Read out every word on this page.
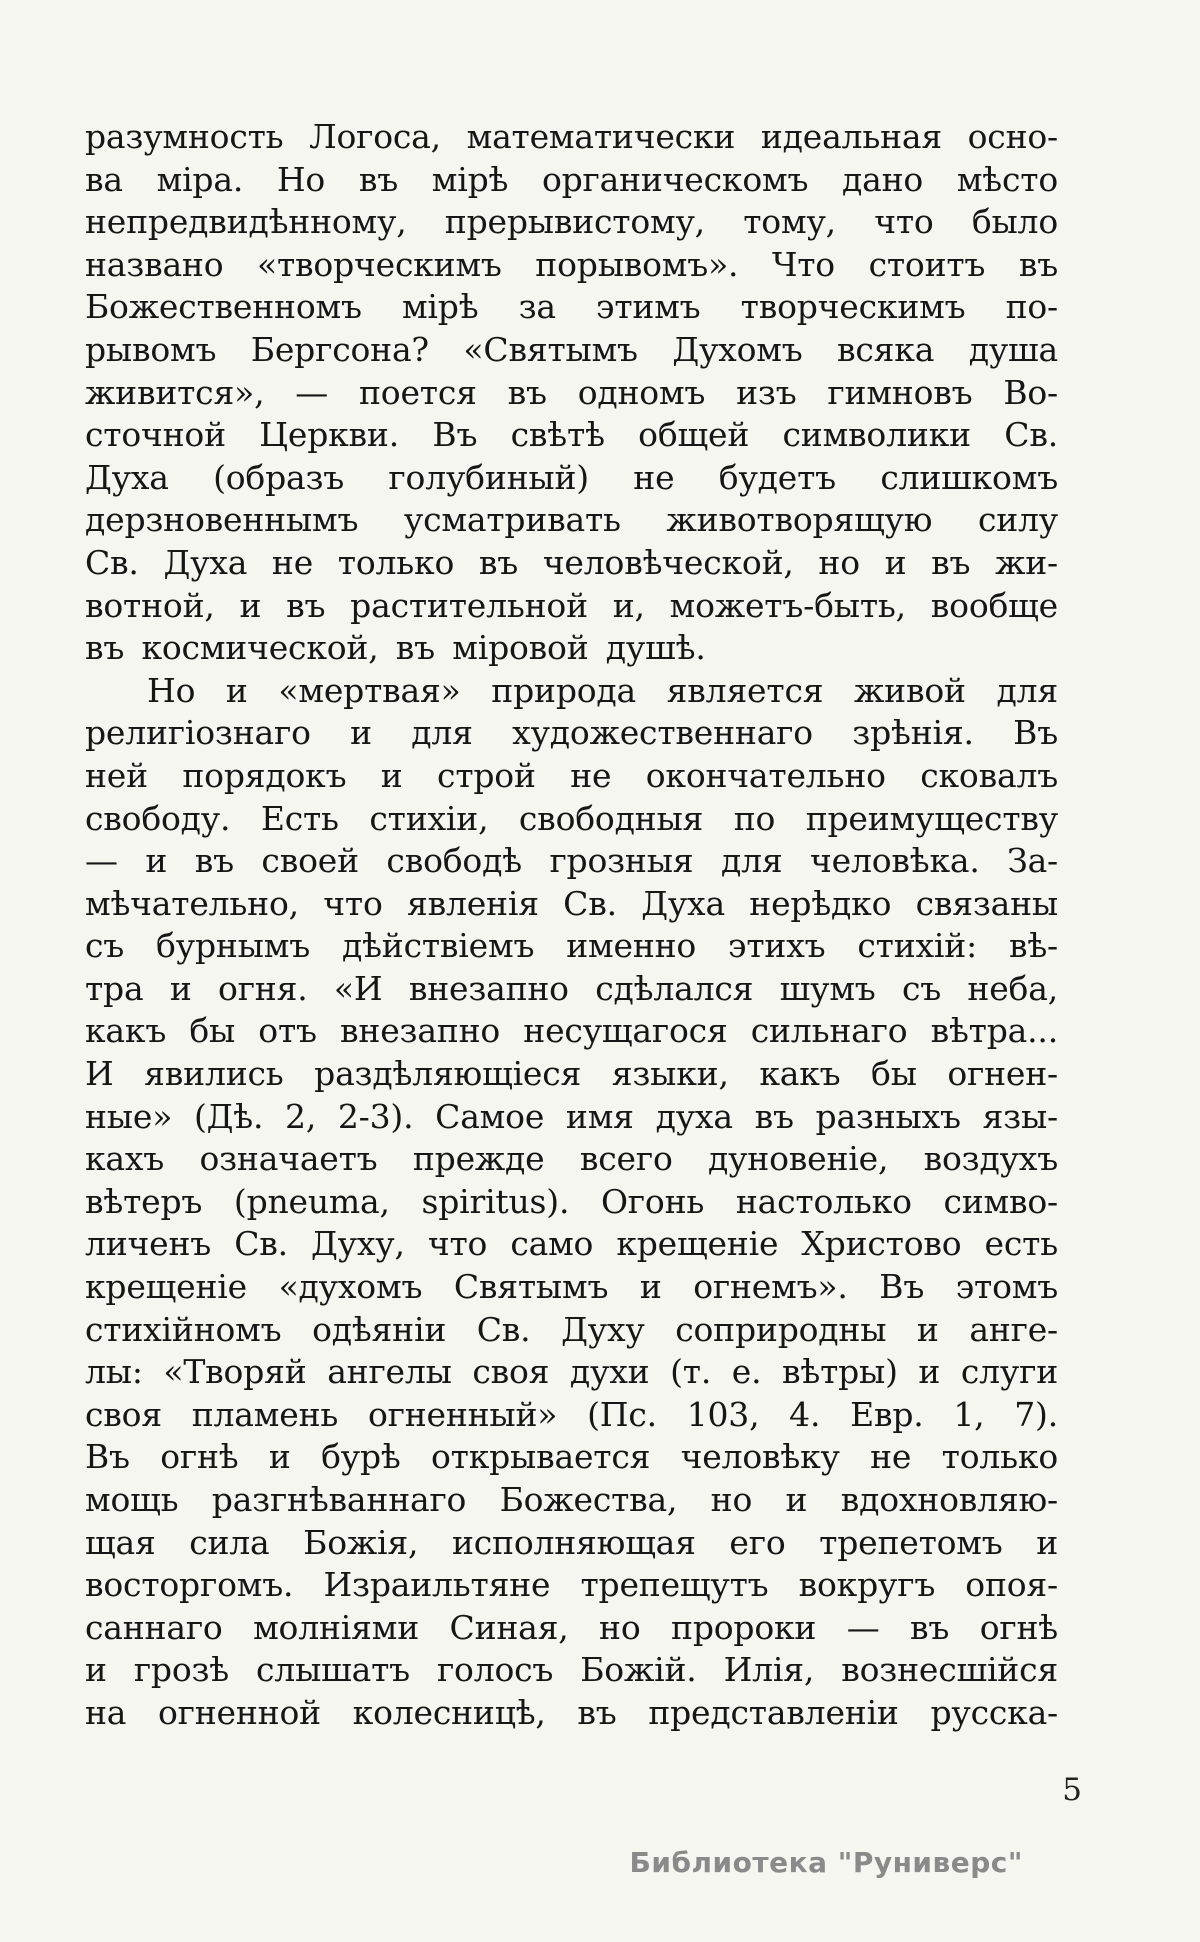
разумность Логоса, математически идеальная осно-
ва міра. Но въ мірѣ органическомъ дано мѣсто
непредвидѣнному, прерывистому, тому, что было
названо «творческимъ порывомъ». Что стоитъ въ
Божественномъ мірѣ за этимъ творческимъ по-
рывомъ Бергсона? «Святымъ Духомъ всяка душа
живится», — поется въ одномъ изъ гимновъ Во-
сточной Церкви. Въ свѣтѣ общей символики Св.
Духа (образъ голубиный) не будетъ слишкомъ
дерзновеннымъ усматривать животворящую силу
Св. Духа не только въ человѣческой, но и въ жи-
вотной, и въ растительной и, можетъ-быть, вообще
въ космической, въ міровой душѣ.
Но и «мертвая» природа является живой для
религіознаго и для художественнаго зрѣнія. Въ
ней порядокъ и строй не окончательно сковалъ
свободу. Есть стихіи, свободныя по преимуществу
— и въ своей свободѣ грозныя для человѣка. За-
мѣчательно, что явленія Св. Духа нерѣдко связаны
съ бурнымъ дѣйствіемъ именно этихъ стихій: вѣ-
тра и огня. «И внезапно сдѣлался шумъ съ неба,
какъ бы отъ внезапно несущагося сильнаго вѣтра...
И явились раздѣляющіеся языки, какъ бы огнен-
ные» (Дѣ. 2, 2-3). Самое имя духа въ разныхъ язы-
кахъ означаетъ прежде всего дуновеніе, воздухъ
вѣтеръ (pneuma, spiritus). Огонь настолько симво-
личенъ Св. Духу, что само крещеніе Христово есть
крещеніе «духомъ Святымъ и огнемъ». Въ этомъ
стихійномъ одѣяніи Св. Духу соприродны и анге-
лы: «Творяй ангелы своя духи (т. е. вѣтры) и слуги
своя пламень огненный» (Пс. 103, 4. Евр. 1, 7).
Въ огнѣ и бурѣ открывается человѣку не только
мощь разгнѣваннаго Божества, но и вдохновляю-
щая сила Божія, исполняющая его трепетомъ и
восторгомъ. Израильтяне трепещутъ вокругъ опоя-
саннаго молніями Синая, но пророки — въ огнѣ
и грозѣ слышатъ голосъ Божій. Илія, вознесшійся
на огненной колесницѣ, въ представленіи русска-
5
Библиотека "Руниверс"
